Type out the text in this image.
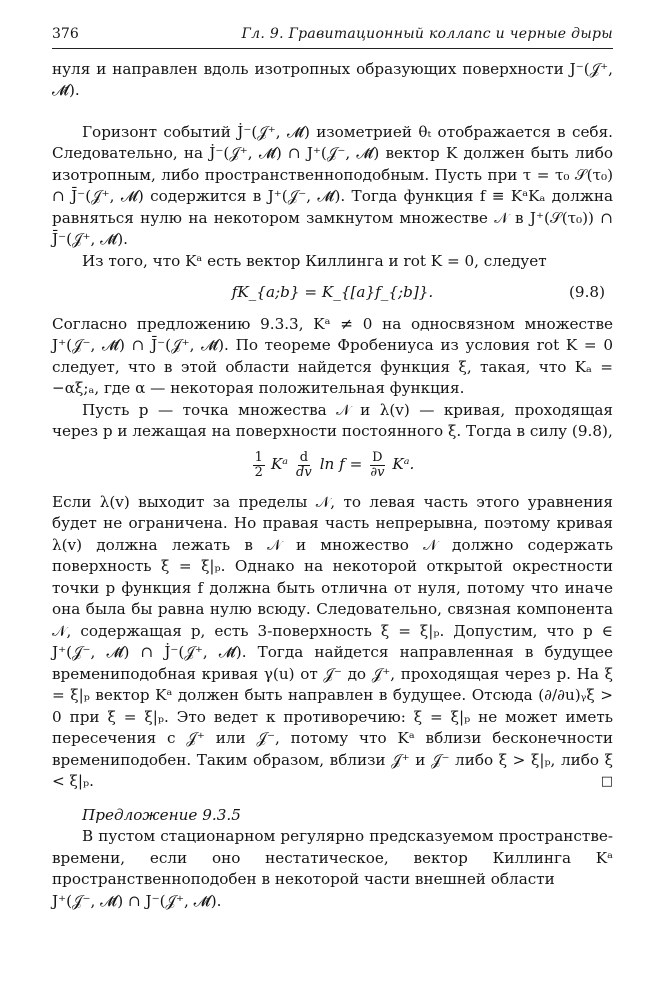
376	Гл. 9. Гравитационный коллапс и черные дыры

нуля и направлен вдоль изотропных образующих поверхности J⁻(𝒥⁺, 𝓜̄).

Горизонт событий J̇⁻(𝒥⁺, 𝓜̄) изометрией θₜ отображается в себя. Следовательно, на J̇⁻(𝒥⁺, 𝓜̄) ∩ J⁺(𝒥⁻, 𝓜̄) вектор K должен быть либо изотропным, либо пространственноподобным. Пусть при τ = τ₀ 𝒮(τ₀) ∩ J̄⁻(𝒥⁺, 𝓜) содержится в J⁺(𝒥⁻, 𝓜̄). Тогда функция f ≡ KᵃKₐ должна равняться нулю на некотором замкнутом множестве 𝒩 в J⁺(𝒮(τ₀)) ∩ J̄⁻(𝒥⁺, 𝓜̄).

Из того, что Kᵃ есть вектор Киллинга и rot K = 0, следует

fK_{a;b} = K_{[a}f_{;b]}.	(9.8)

Согласно предложению 9.3.3, Kᵃ ≠ 0 на односвязном множестве J⁺(𝒥⁻, 𝓜̄) ∩ J̄⁻(𝒥⁺, 𝓜̄). По теореме Фробениуса из условия rot K = 0 следует, что в этой области найдется функция ξ, такая, что Kₐ = −αξ;ₐ, где α — некоторая положительная функция.

Пусть p — точка множества 𝒩 и λ(v) — кривая, проходящая через p и лежащая на поверхности постоянного ξ. Тогда в силу (9.8),

$\frac{1}{2}$ Kᵃ $\frac{d}{dv}$ $\ln f = \frac{D}{\partial v}$ Kᵃ.

Если λ(v) выходит за пределы 𝒩, то левая часть этого уравнения будет не ограничена. Но правая часть непрерывна, поэтому кривая λ(v) должна лежать в 𝒩 и множество 𝒩 должно содержать поверхность ξ = ξ|ₚ. Однако на некоторой открытой окрестности точки p функция f должна быть отлична от нуля, потому что иначе она была бы равна нулю всюду. Следовательно, связная компонента 𝒩, содержащая p, есть 3-поверхность ξ = ξ|ₚ. Допустим, что p ∈ J⁺(𝒥⁻, 𝓜̄) ∩ J̇⁻(𝒥⁺, 𝓜̄). Тогда найдется направленная в будущее времениподобная кривая γ(u) от 𝒥⁻ до 𝒥⁺, проходящая через p. На ξ = ξ|ₚ вектор Kᵃ должен быть направлен в будущее. Отсюда (∂/∂u)ᵧξ > 0 при ξ = ξ|ₚ. Это ведет к противоречию: ξ = ξ|ₚ не может иметь пересечения с 𝒥⁺ или 𝒥⁻, потому что Kᵃ вблизи бесконечности времениподобен. Таким образом, вблизи 𝒥⁺ и 𝒥⁻ либо ξ > ξ|ₚ, либо ξ < ξ|ₚ.	□

Предложение 9.3.5

В пустом стационарном регулярно предсказуемом пространстве-времени, если оно нестатическое, вектор Киллинга Kᵃ пространственноподобен в некоторой части внешней области

J⁺(𝒥⁻, 𝓜̄) ∩ J⁻(𝒥⁺, 𝓜̄).
